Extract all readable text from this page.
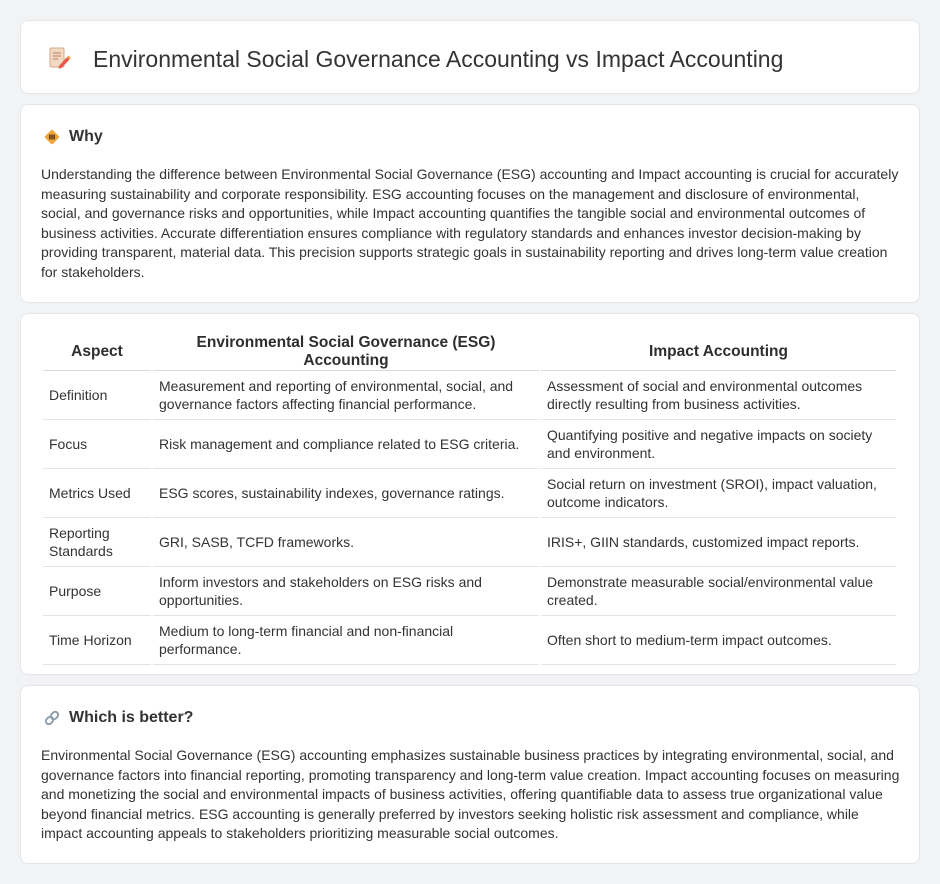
Environmental Social Governance Accounting vs Impact Accounting
Why

Understanding the difference between Environmental Social Governance (ESG) accounting and Impact accounting is crucial for accurately measuring sustainability and corporate responsibility. ESG accounting focuses on the management and disclosure of environmental, social, and governance risks and opportunities, while Impact accounting quantifies the tangible social and environmental outcomes of business activities. Accurate differentiation ensures compliance with regulatory standards and enhances investor decision-making by providing transparent, material data. This precision supports strategic goals in sustainability reporting and drives long-term value creation for stakeholders.

Aspect	Environmental Social Governance (ESG) Accounting	Impact Accounting
Definition	Measurement and reporting of environmental, social, and governance factors affecting financial performance.	Assessment of social and environmental outcomes directly resulting from business activities.
Focus	Risk management and compliance related to ESG criteria.	Quantifying positive and negative impacts on society and environment.
Metrics Used	ESG scores, sustainability indexes, governance ratings.	Social return on investment (SROI), impact valuation, outcome indicators.
Reporting Standards	GRI, SASB, TCFD frameworks.	IRIS+, GIIN standards, customized impact reports.
Purpose	Inform investors and stakeholders on ESG risks and opportunities.	Demonstrate measurable social/environmental value created.
Time Horizon	Medium to long-term financial and non-financial performance.	Often short to medium-term impact outcomes.
Which is better?

Environmental Social Governance (ESG) accounting emphasizes sustainable business practices by integrating environmental, social, and governance factors into financial reporting, promoting transparency and long-term value creation. Impact accounting focuses on measuring and monetizing the social and environmental impacts of business activities, offering quantifiable data to assess true organizational value beyond financial metrics. ESG accounting is generally preferred by investors seeking holistic risk assessment and compliance, while impact accounting appeals to stakeholders prioritizing measurable social outcomes.
